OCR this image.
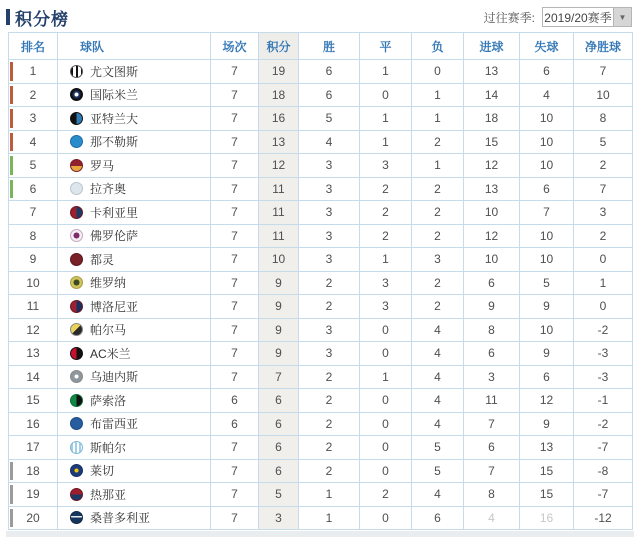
积分榜	过往赛季: 2019/20赛季 ▼
排名	球队	场次	积分	胜	平	负	进球	失球	净胜球

1	尤文图斯	7	19	6	1	0	13	6	7

2	国际米兰	7	18	6	0	1	14	4	10

3	亚特兰大	7	16	5	1	1	18	10	8

4	那不勒斯	7	13	4	1	2	15	10	5

5	罗马	7	12	3	3	1	12	10	2

6	拉齐奥	7	11	3	2	2	13	6	7
7	卡利亚里	7	11	3	2	2	10	7	3
8	佛罗伦萨	7	11	3	2	2	12	10	2
9	都灵	7	10	3	1	3	10	10	0
10	维罗纳	7	9	2	3	2	6	5	1
11	博洛尼亚	7	9	2	3	2	9	9	0
12	帕尔马	7	9	3	0	4	8	10	-2
13	AC米兰	7	9	3	0	4	6	9	-3
14	乌迪内斯	7	7	2	1	4	3	6	-3
15	萨索洛	6	6	2	0	4	11	12	-1
16	布雷西亚	6	6	2	0	4	7	9	-2
17	斯帕尔	7	6	2	0	5	6	13	-7

18	莱切	7	6	2	0	5	7	15	-8

19	热那亚	7	5	1	2	4	8	15	-7

20	桑普多利亚	7	3	1	0	6	4	16	-12
